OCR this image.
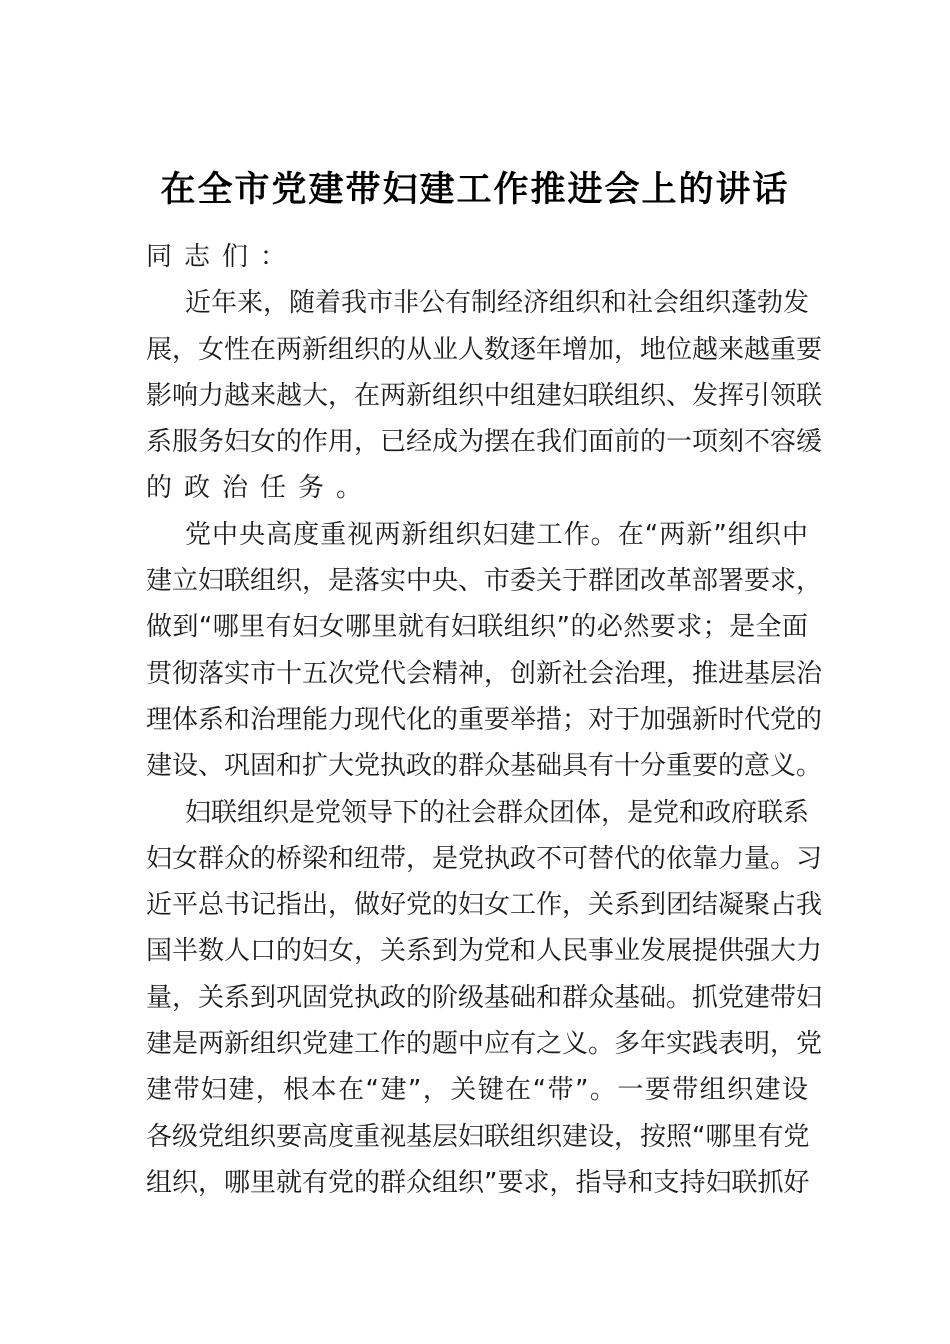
在全市党建带妇建工作推进会上的讲话
同志们：
近年来，随着我市非公有制经济组织和社会组织蓬勃发
展，女性在两新组织的从业人数逐年增加，地位越来越重要
影响力越来越大，在两新组织中组建妇联组织、发挥引领联
系服务妇女的作用，已经成为摆在我们面前的一项刻不容缓
的政治任务。
党中央高度重视两新组织妇建工作。在“两新”组织中
建立妇联组织，是落实中央、市委关于群团改革部署要求，
做到“哪里有妇女哪里就有妇联组织”的必然要求；是全面
贯彻落实市十五次党代会精神，创新社会治理，推进基层治
理体系和治理能力现代化的重要举措；对于加强新时代党的
建设、巩固和扩大党执政的群众基础具有十分重要的意义。
妇联组织是党领导下的社会群众团体，是党和政府联系
妇女群众的桥梁和纽带，是党执政不可替代的依靠力量。习
近平总书记指出，做好党的妇女工作，关系到团结凝聚占我
国半数人口的妇女，关系到为党和人民事业发展提供强大力
量，关系到巩固党执政的阶级基础和群众基础。抓党建带妇
建是两新组织党建工作的题中应有之义。多年实践表明，党
建带妇建，根本在“建”，关键在“带”。一要带组织建设
各级党组织要高度重视基层妇联组织建设，按照“哪里有党
组织，哪里就有党的群众组织”要求，指导和支持妇联抓好
